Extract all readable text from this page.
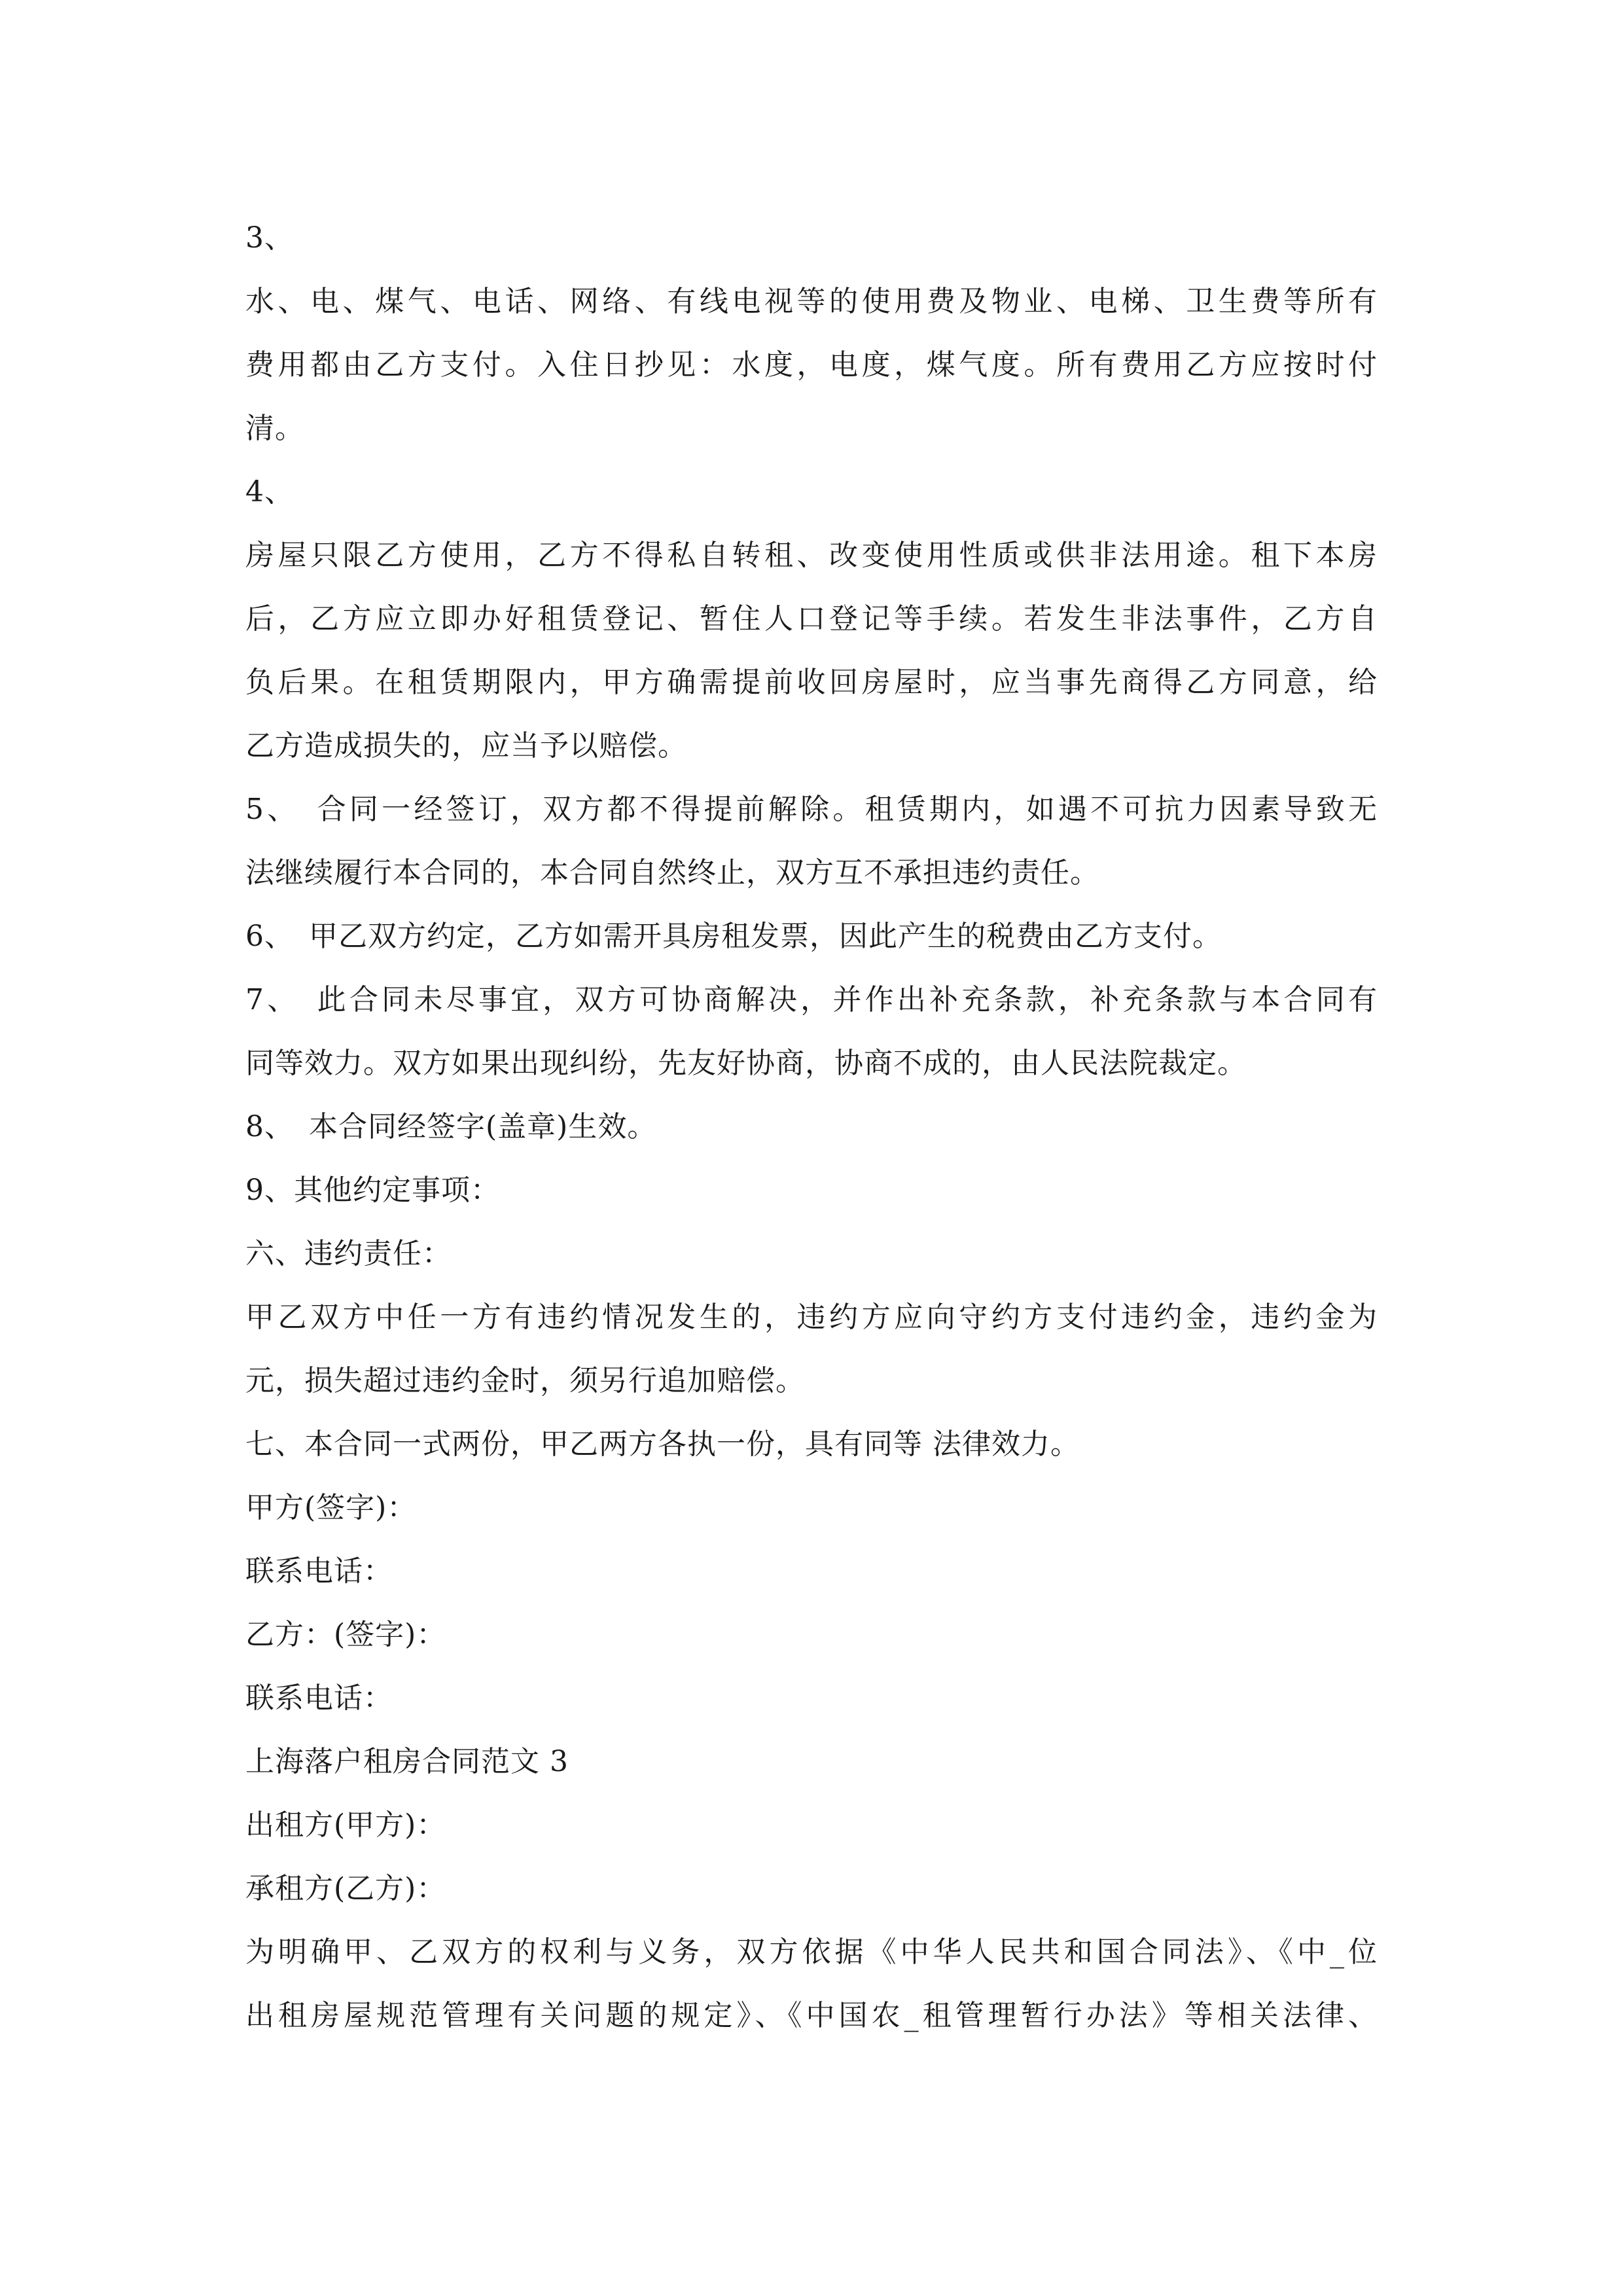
3、
水、电、煤气、电话、网络、有线电视等的使用费及物业、电梯、卫生费等所有
费用都由乙方支付。入住日抄见：水度，电度，煤气度。所有费用乙方应按时付
清。
4、
房屋只限乙方使用，乙方不得私自转租、改变使用性质或供非法用途。租下本房
后，乙方应立即办好租赁登记、暂住人口登记等手续。若发生非法事件，乙方自
负后果。在租赁期限内，甲方确需提前收回房屋时，应当事先商得乙方同意，给
乙方造成损失的，应当予以赔偿。
5、　合同一经签订，双方都不得提前解除。租赁期内，如遇不可抗力因素导致无
法继续履行本合同的，本合同自然终止，双方互不承担违约责任。
6、　甲乙双方约定，乙方如需开具房租发票，因此产生的税费由乙方支付。
7、　此合同未尽事宜，双方可协商解决，并作出补充条款，补充条款与本合同有
同等效力。双方如果出现纠纷，先友好协商，协商不成的，由人民法院裁定。
8、　本合同经签字(盖章)生效。
9、其他约定事项：
六、违约责任：
甲乙双方中任一方有违约情况发生的，违约方应向守约方支付违约金，违约金为
元，损失超过违约金时，须另行追加赔偿。
七、本合同一式两份，甲乙两方各执一份，具有同等 法律效力。
甲方(签字)：
联系电话：
乙方：(签字)：
联系电话：
上海落户租房合同范文 3
出租方(甲方)：
承租方(乙方)：
为明确甲、乙双方的权利与义务，双方依据《中华人民共和国合同法》、《中_位
出租房屋规范管理有关问题的规定》、《中国农_租管理暂行办法》等相关法律、
